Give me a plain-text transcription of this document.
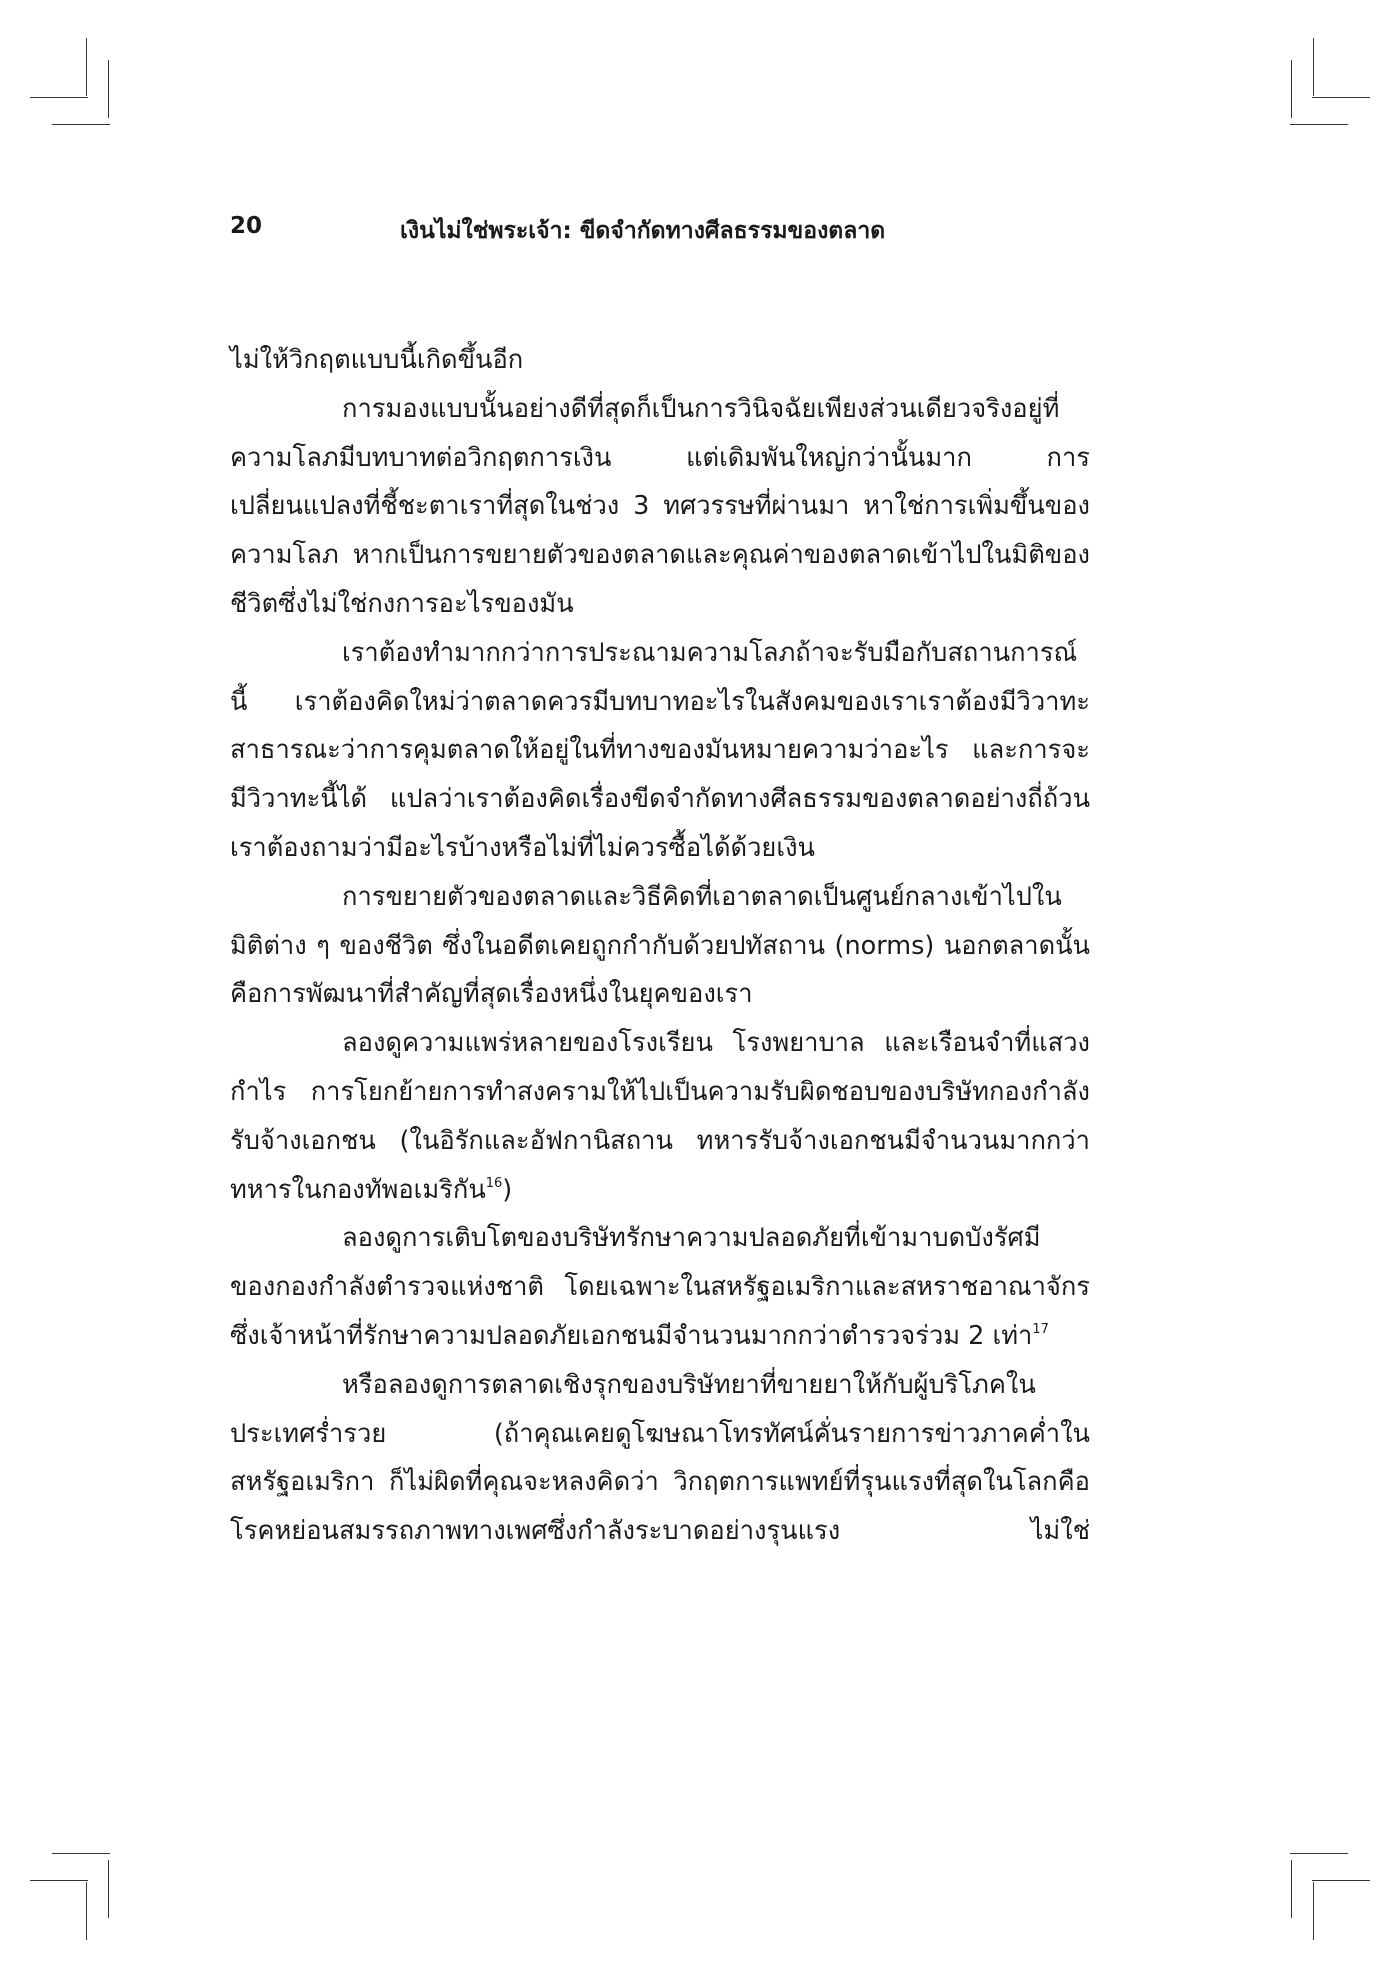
20	เงินไม่ใช่พระเจ้า: ขีดจำกัดทางศีลธรรมของตลาด

ไม่ให้วิกฤตแบบนี้เกิดขึ้นอีก

การมองแบบนั้นอย่างดีที่สุดก็เป็นการวินิจฉัยเพียงส่วนเดียวจริงอยู่ที่ความโลภมีบทบาทต่อวิกฤตการเงิน แต่เดิมพันใหญ่กว่านั้นมาก การเปลี่ยนแปลงที่ชี้ชะตาเราที่สุดในช่วง 3 ทศวรรษที่ผ่านมา หาใช่การเพิ่มขึ้นของความโลภ หากเป็นการขยายตัวของตลาดและคุณค่าของตลาดเข้าไปในมิติของชีวิตซึ่งไม่ใช่กงการอะไรของมัน

เราต้องทำมากกว่าการประณามความโลภถ้าจะรับมือกับสถานการณ์นี้ เราต้องคิดใหม่ว่าตลาดควรมีบทบาทอะไรในสังคมของเราเราต้องมีวิวาทะสาธารณะว่าการคุมตลาดให้อยู่ในที่ทางของมันหมายความว่าอะไร และการจะมีวิวาทะนี้ได้ แปลว่าเราต้องคิดเรื่องขีดจำกัดทางศีลธรรมของตลาดอย่างถี่ถ้วน เราต้องถามว่ามีอะไรบ้างหรือไม่ที่ไม่ควรซื้อได้ด้วยเงิน

การขยายตัวของตลาดและวิธีคิดที่เอาตลาดเป็นศูนย์กลางเข้าไปในมิติต่าง ๆ ของชีวิต ซึ่งในอดีตเคยถูกกำกับด้วยปทัสถาน (norms) นอกตลาดนั้นคือการพัฒนาที่สำคัญที่สุดเรื่องหนึ่งในยุคของเรา

ลองดูความแพร่หลายของโรงเรียน โรงพยาบาล และเรือนจำที่แสวงกำไร การโยกย้ายการทำสงครามให้ไปเป็นความรับผิดชอบของบริษัทกองกำลังรับจ้างเอกชน (ในอิรักและอัฟกานิสถาน ทหารรับจ้างเอกชนมีจำนวนมากกว่าทหารในกองทัพอเมริกัน$^{16}$)

ลองดูการเติบโตของบริษัทรักษาความปลอดภัยที่เข้ามาบดบังรัศมีของกองกำลังตำรวจแห่งชาติ โดยเฉพาะในสหรัฐอเมริกาและสหราชอาณาจักร ซึ่งเจ้าหน้าที่รักษาความปลอดภัยเอกชนมีจำนวนมากกว่าตำรวจร่วม 2 เท่า$^{17}$

หรือลองดูการตลาดเชิงรุกของบริษัทยาที่ขายยาให้กับผู้บริโภคในประเทศร่ำรวย (ถ้าคุณเคยดูโฆษณาโทรทัศน์คั่นรายการข่าวภาคค่ำในสหรัฐอเมริกา ก็ไม่ผิดที่คุณจะหลงคิดว่า วิกฤตการแพทย์ที่รุนแรงที่สุดในโลกคือโรคหย่อนสมรรถภาพทางเพศซึ่งกำลังระบาดอย่างรุนแรง ไม่ใช่
